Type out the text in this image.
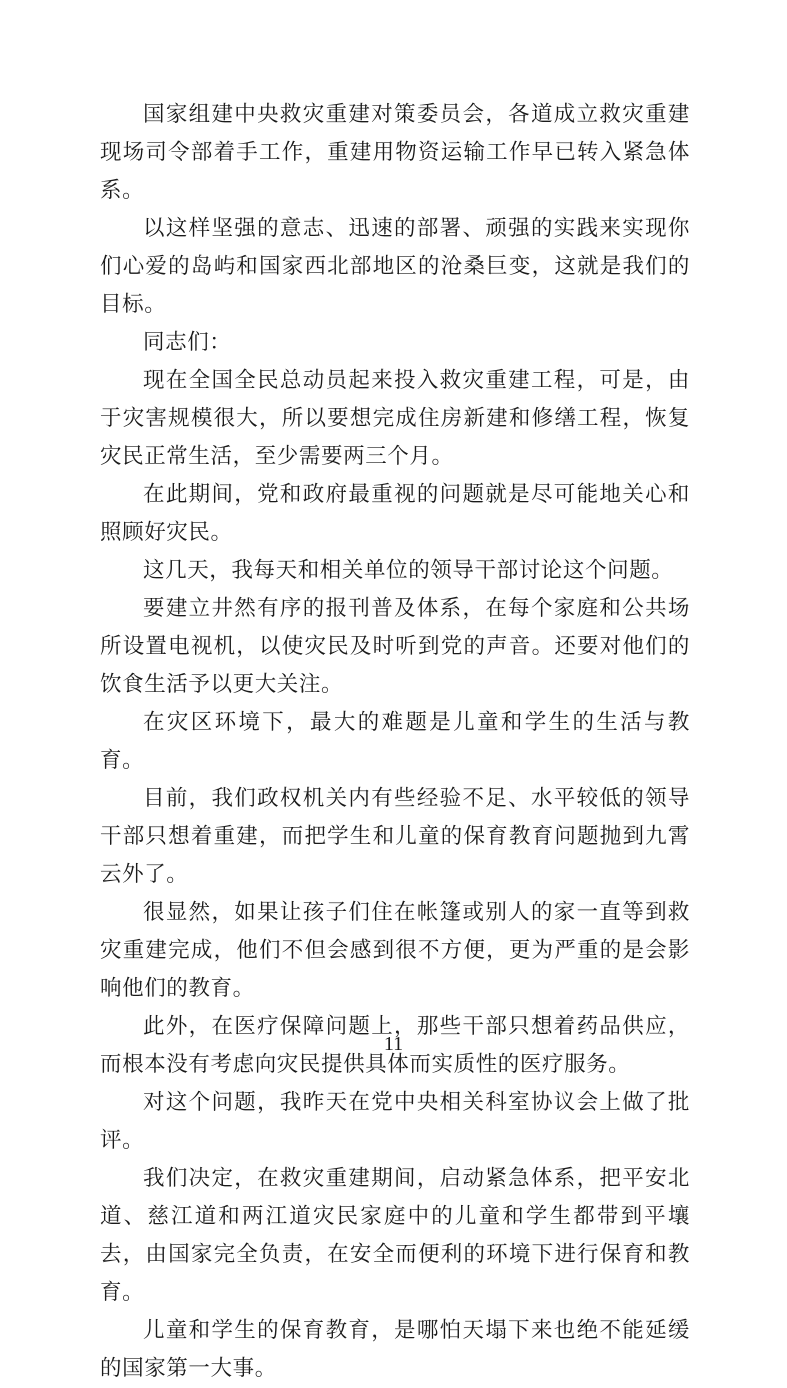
国家组建中央救灾重建对策委员会，各道成立救灾重建现场司令部着手工作，重建用物资运输工作早已转入紧急体系。

以这样坚强的意志、迅速的部署、顽强的实践来实现你们心爱的岛屿和国家西北部地区的沧桑巨变，这就是我们的目标。

同志们：

现在全国全民总动员起来投入救灾重建工程，可是，由于灾害规模很大，所以要想完成住房新建和修缮工程，恢复灾民正常生活，至少需要两三个月。

在此期间，党和政府最重视的问题就是尽可能地关心和照顾好灾民。

这几天，我每天和相关单位的领导干部讨论这个问题。

要建立井然有序的报刊普及体系，在每个家庭和公共场所设置电视机，以使灾民及时听到党的声音。还要对他们的饮食生活予以更大关注。

在灾区环境下，最大的难题是儿童和学生的生活与教育。

目前，我们政权机关内有些经验不足、水平较低的领导干部只想着重建，而把学生和儿童的保育教育问题抛到九霄云外了。

很显然，如果让孩子们住在帐篷或别人的家一直等到救灾重建完成，他们不但会感到很不方便，更为严重的是会影响他们的教育。

此外，在医疗保障问题上，那些干部只想着药品供应，而根本没有考虑向灾民提供具体而实质性的医疗服务。

对这个问题，我昨天在党中央相关科室协议会上做了批评。

我们决定，在救灾重建期间，启动紧急体系，把平安北道、慈江道和两江道灾民家庭中的儿童和学生都带到平壤去，由国家完全负责，在安全而便利的环境下进行保育和教育。

儿童和学生的保育教育，是哪怕天塌下来也绝不能延缓的国家第一大事。

11
